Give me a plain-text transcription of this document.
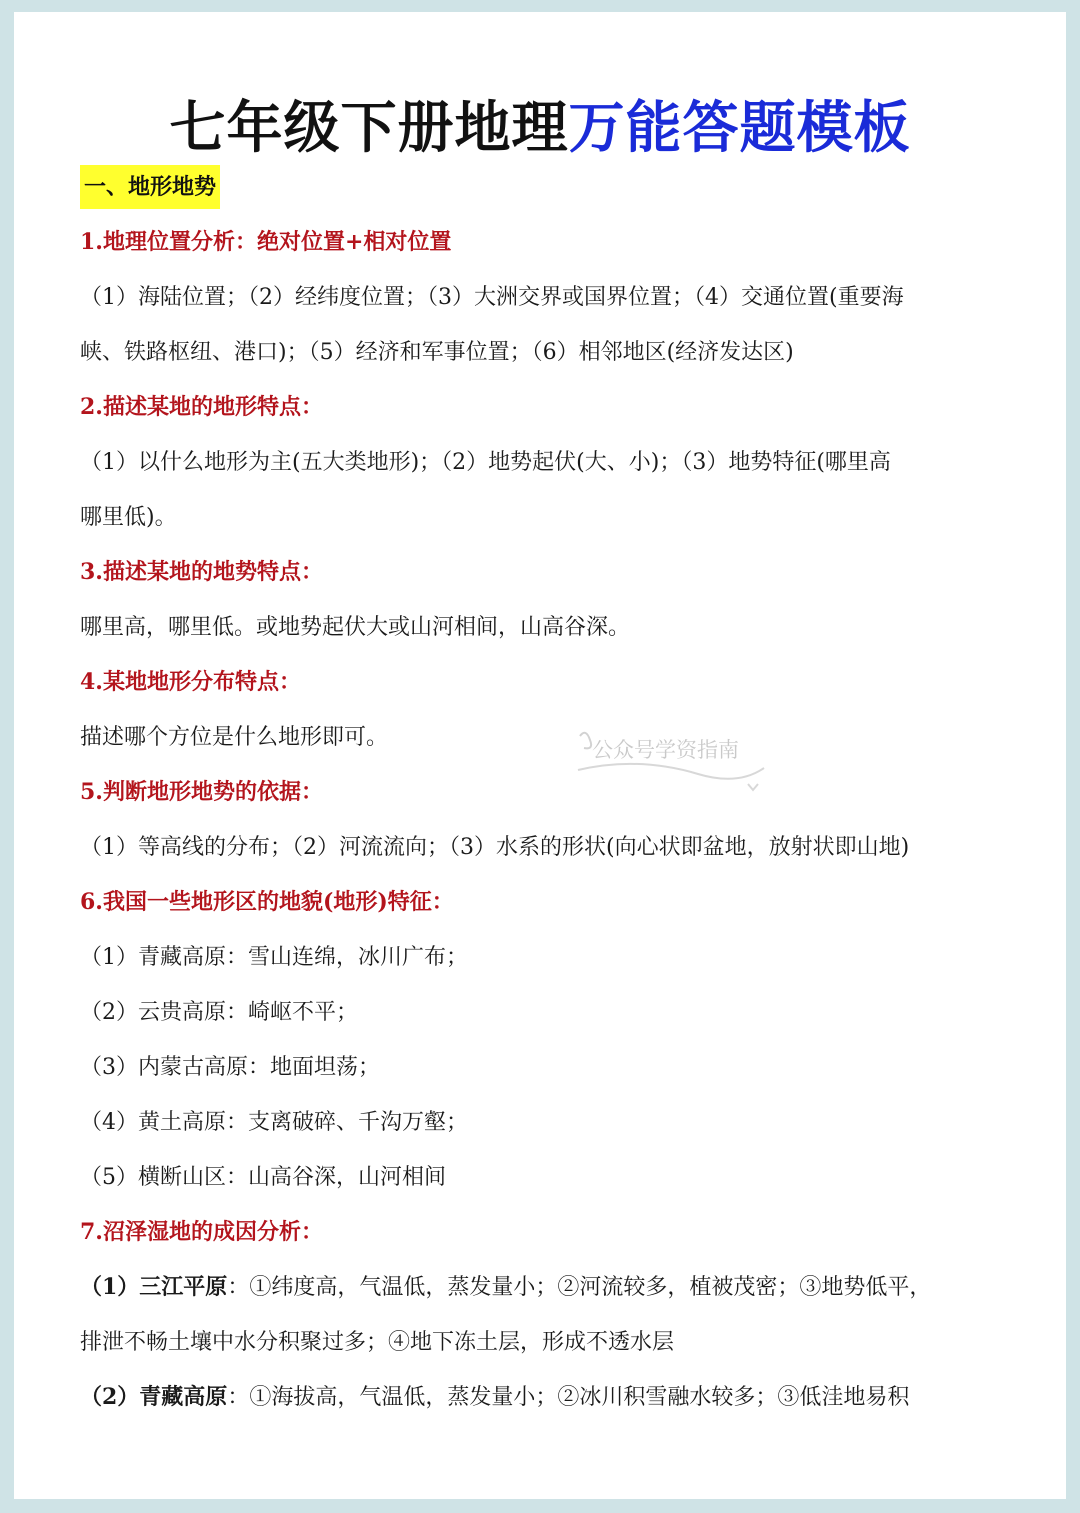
七年级下册地理万能答题模板
一、地形地势
1.地理位置分析：绝对位置+相对位置
（1）海陆位置；（2）经纬度位置；（3）大洲交界或国界位置；（4）交通位置(重要海
峡、铁路枢纽、港口)；（5）经济和军事位置；（6）相邻地区(经济发达区)
2.描述某地的地形特点：
（1）以什么地形为主(五大类地形)；（2）地势起伏(大、小)；（3）地势特征(哪里高
哪里低)。
3.描述某地的地势特点：
哪里高，哪里低。或地势起伏大或山河相间，山高谷深。
4.某地地形分布特点：
描述哪个方位是什么地形即可。
5.判断地形地势的依据：
（1）等高线的分布；（2）河流流向；（3）水系的形状(向心状即盆地，放射状即山地)
6.我国一些地形区的地貌(地形)特征：
（1）青藏高原：雪山连绵，冰川广布；
（2）云贵高原：崎岖不平；
（3）内蒙古高原：地面坦荡；
（4）黄土高原：支离破碎、千沟万壑；
（5）横断山区：山高谷深，山河相间
7.沼泽湿地的成因分析：
（1）三江平原：①纬度高，气温低，蒸发量小；②河流较多，植被茂密；③地势低平，
排泄不畅土壤中水分积聚过多；④地下冻土层，形成不透水层
（2）青藏高原：①海拔高，气温低，蒸发量小；②冰川积雪融水较多；③低洼地易积
公众号学资指南
